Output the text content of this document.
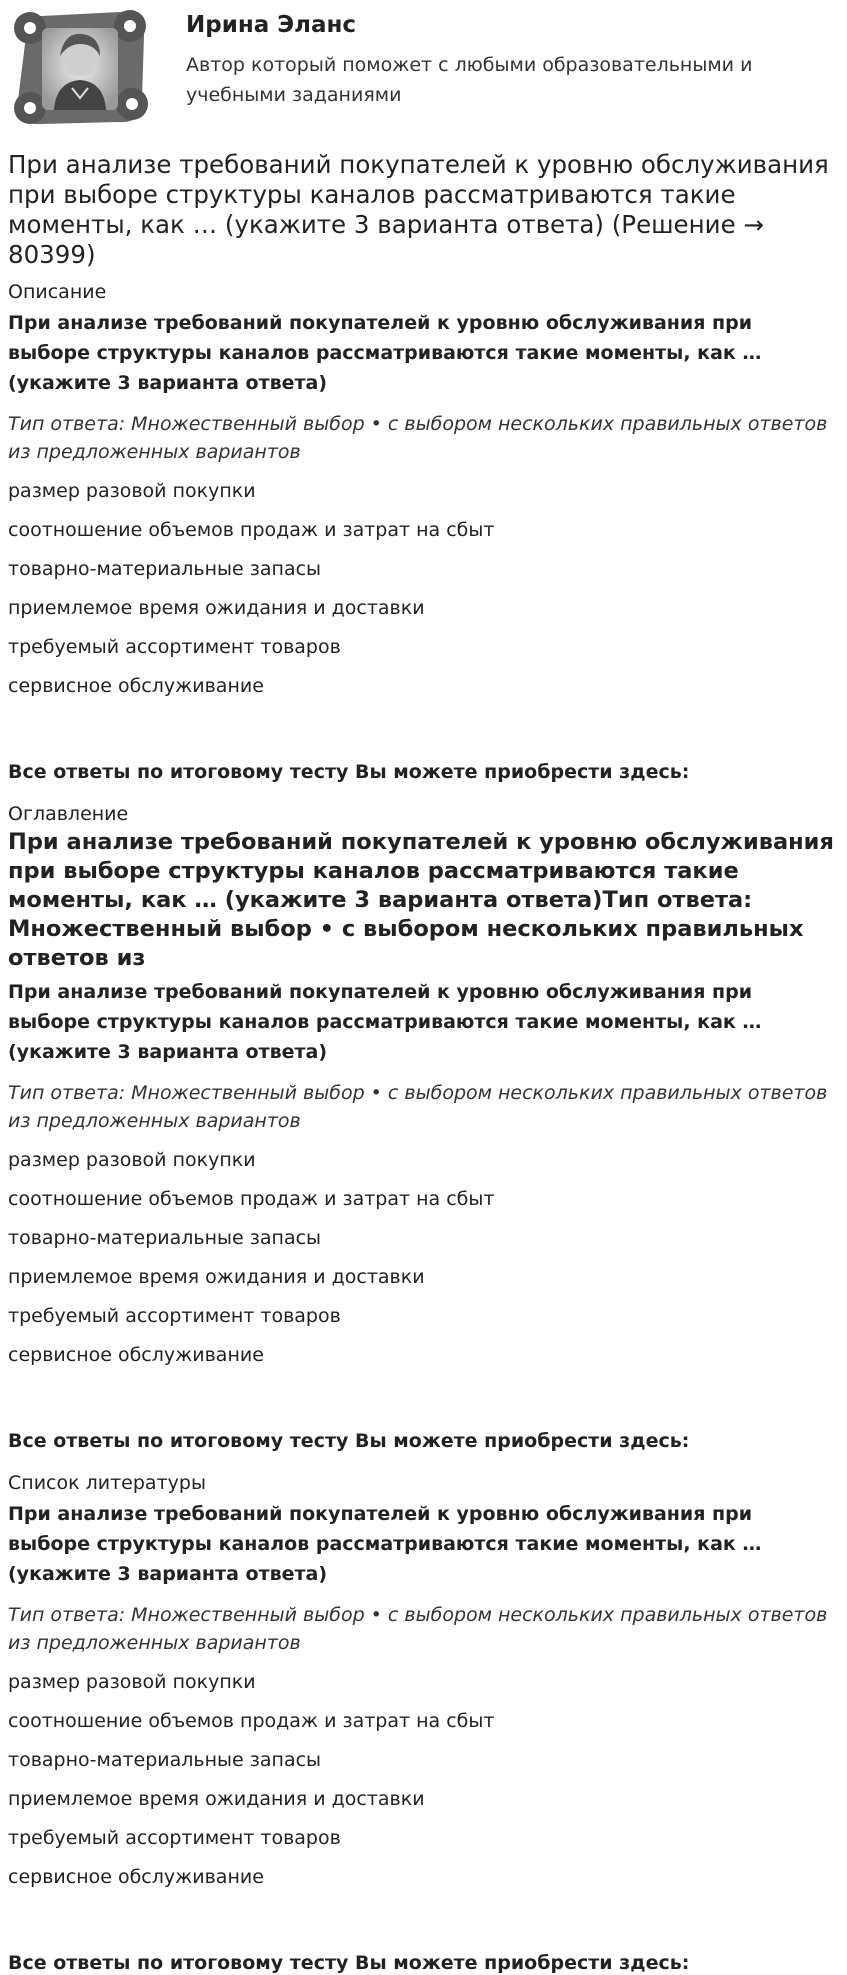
Ирина Эланс
Автор который поможет с любыми образовательными и учебными заданиями
При анализе требований покупателей к уровню обслуживания при выборе структуры каналов рассматриваются такие моменты, как … (укажите 3 варианта ответа) (Решение → 80399)
Описание
При анализе требований покупателей к уровню обслуживания при выборе структуры каналов рассматриваются такие моменты, как … (укажите 3 варианта ответа)
Тип ответа: Множественный выбор • с выбором нескольких правильных ответов из предложенных вариантов
размер разовой покупки
соотношение объемов продаж и затрат на сбыт
товарно-материальные запасы
приемлемое время ожидания и доставки
требуемый ассортимент товаров
сервисное обслуживание
Все ответы по итоговому тесту Вы можете приобрести здесь:
Оглавление
При анализе требований покупателей к уровню обслуживания при выборе структуры каналов рассматриваются такие моменты, как … (укажите 3 варианта ответа)Тип ответа: Множественный выбор • с выбором нескольких правильных ответов из
При анализе требований покупателей к уровню обслуживания при выборе структуры каналов рассматриваются такие моменты, как … (укажите 3 варианта ответа)
Тип ответа: Множественный выбор • с выбором нескольких правильных ответов из предложенных вариантов
размер разовой покупки
соотношение объемов продаж и затрат на сбыт
товарно-материальные запасы
приемлемое время ожидания и доставки
требуемый ассортимент товаров
сервисное обслуживание
Все ответы по итоговому тесту Вы можете приобрести здесь:
Список литературы
При анализе требований покупателей к уровню обслуживания при выборе структуры каналов рассматриваются такие моменты, как … (укажите 3 варианта ответа)
Тип ответа: Множественный выбор • с выбором нескольких правильных ответов из предложенных вариантов
размер разовой покупки
соотношение объемов продаж и затрат на сбыт
товарно-материальные запасы
приемлемое время ожидания и доставки
требуемый ассортимент товаров
сервисное обслуживание
Все ответы по итоговому тесту Вы можете приобрести здесь:
